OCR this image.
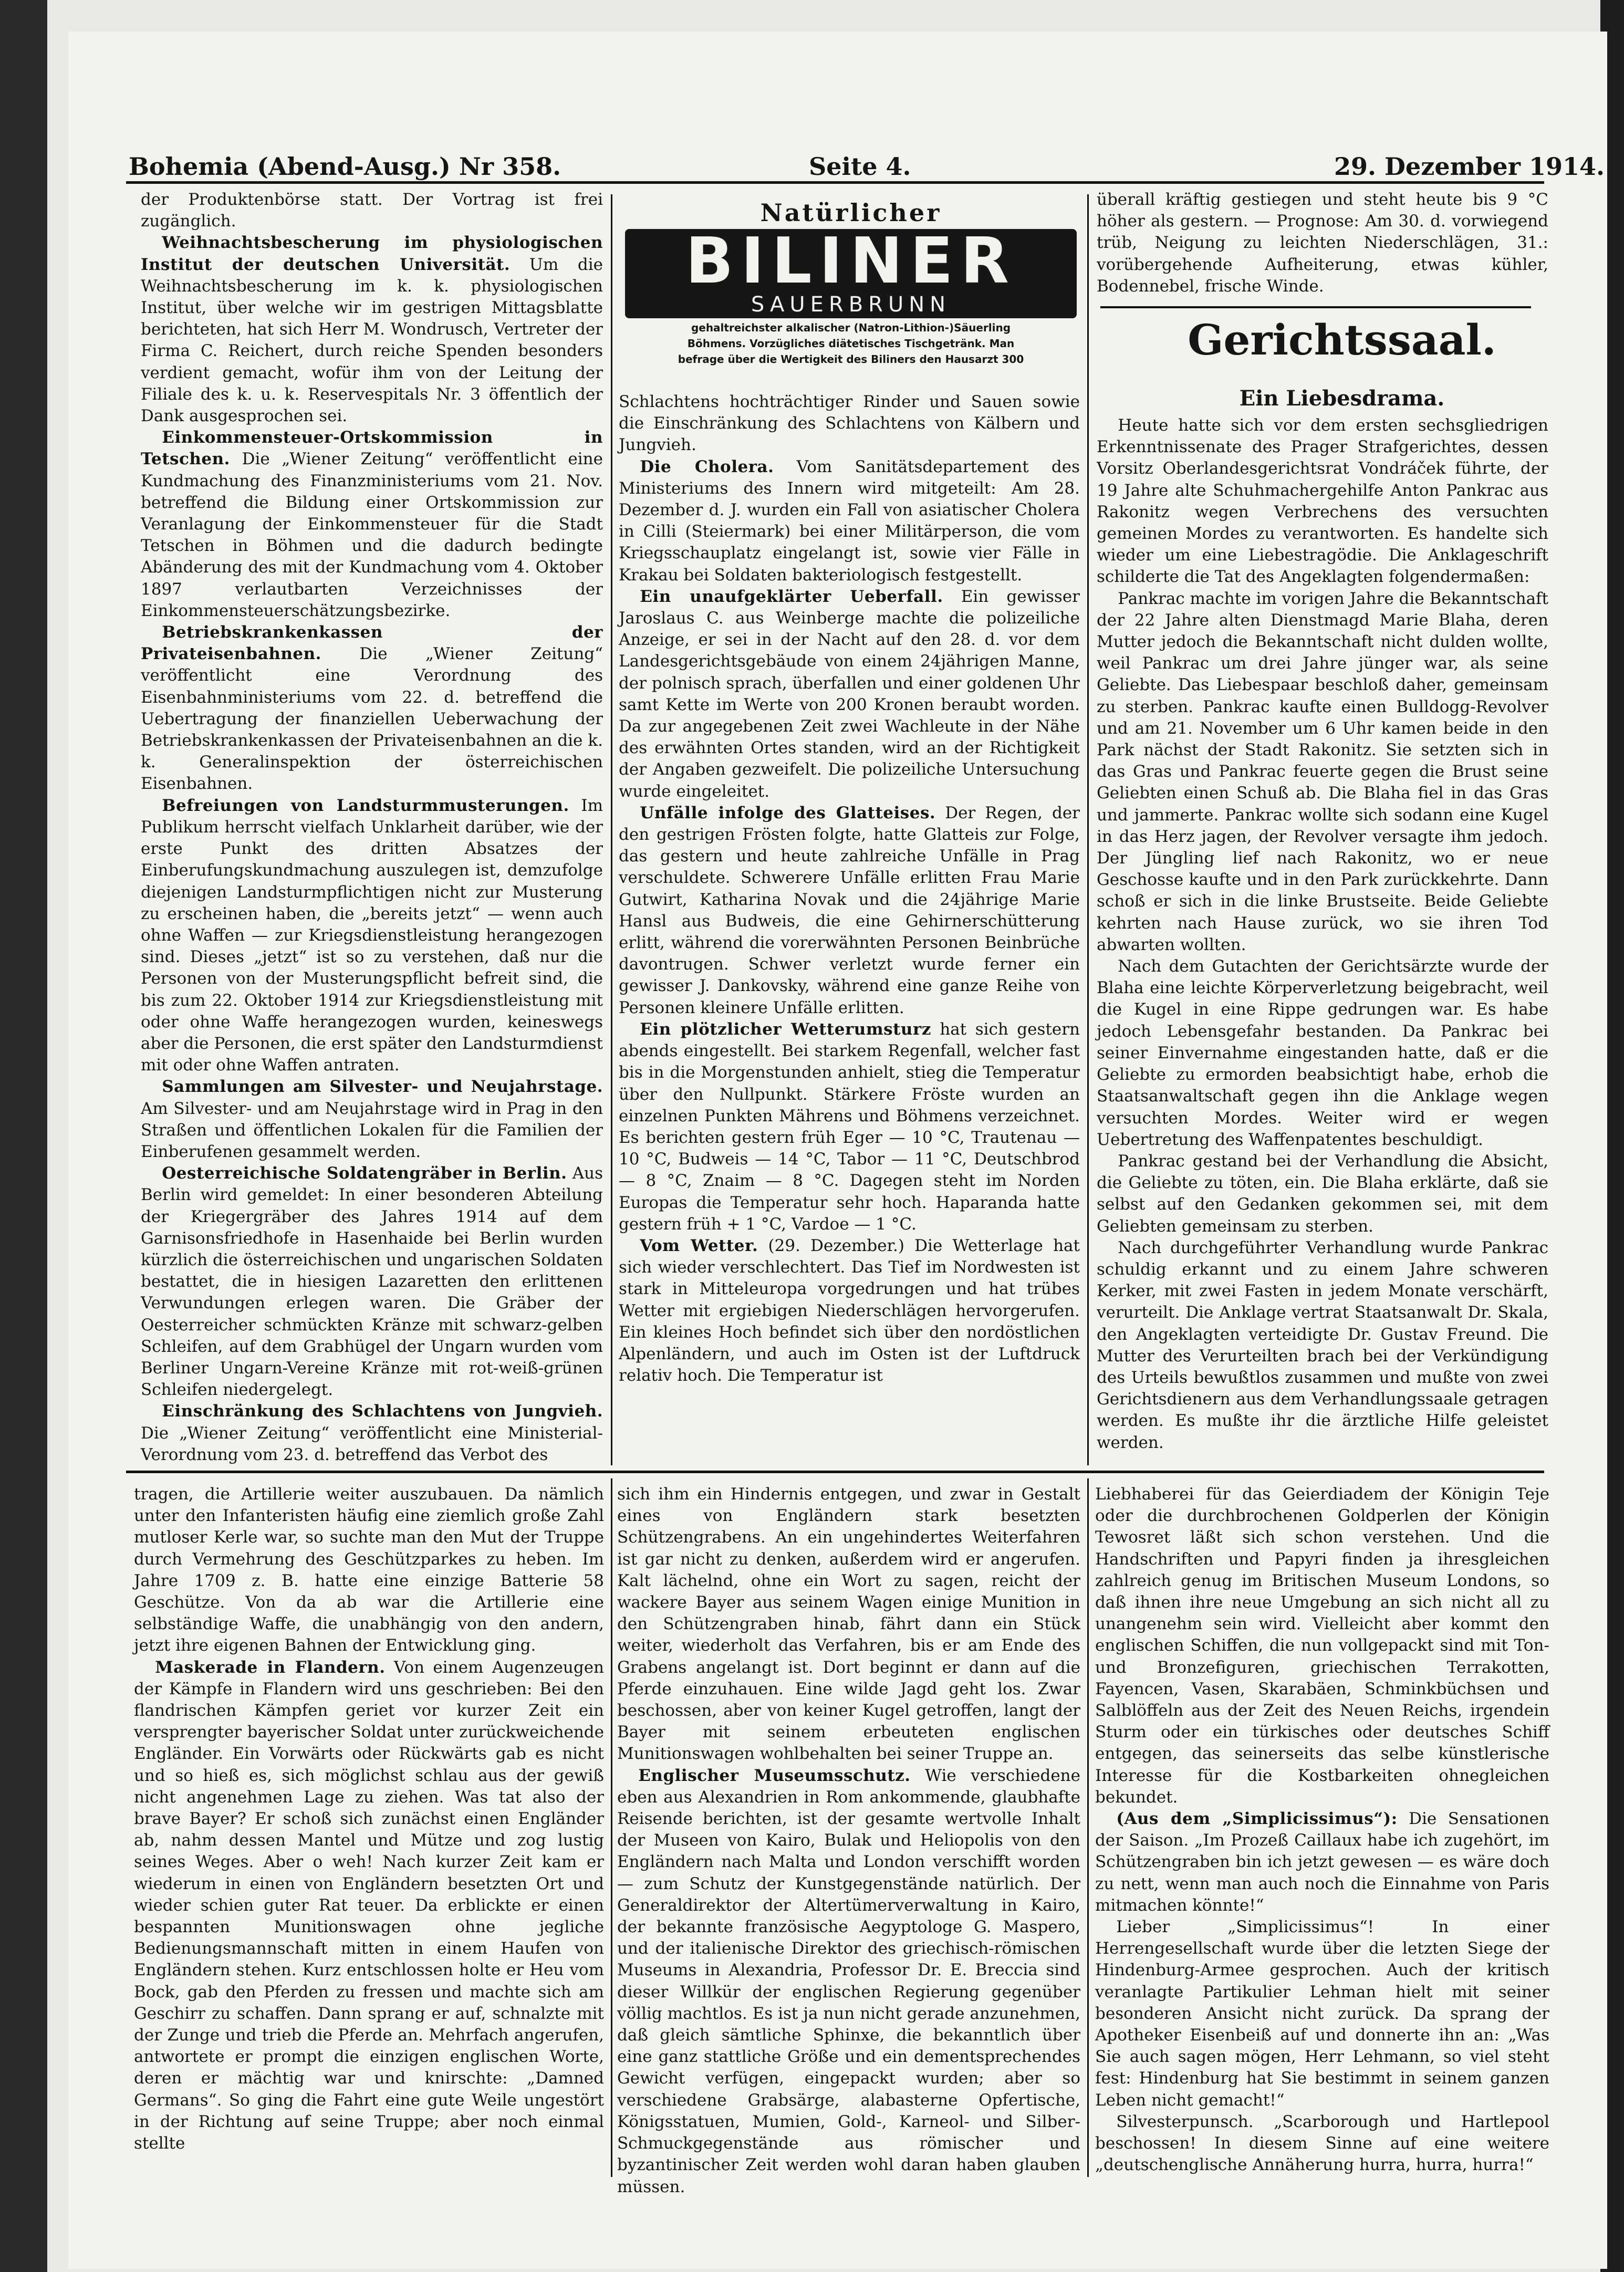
Bohemia (Abend-Ausg.) Nr 358.	Seite 4.	29. Dezember 1914.
Natürlicher
BILINER
SAUERBRUNN
gehaltreichster alkalischer (Natron-Lithion-)Säuerling
Böhmens. Vorzügliches diätetisches Tischgetränk. Man
befrage über die Wertigkeit des Biliners den Hausarzt 300	Gerichtssaal.
Ein Liebesdrama.

der Produktenbörse statt. Der Vortrag ist frei zugänglich.

Weihnachtsbescherung im physiologischen Institut der deutschen Universität. Um die Weihnachtsbescherung im k. k. physiologischen Institut, über welche wir im gestrigen Mittagsblatte berichteten, hat sich Herr M. Wondrusch, Vertreter der Firma C. Reichert, durch reiche Spenden besonders verdient gemacht, wofür ihm von der Leitung der Filiale des k. u. k. Reservespitals Nr. 3 öffentlich der Dank ausgesprochen sei.

Einkommensteuer-Ortskommission in Tetschen. Die „Wiener Zeitung“ veröffentlicht eine Kundmachung des Finanzministeriums vom 21. Nov. betreffend die Bildung einer Ortskommission zur Veranlagung der Einkommensteuer für die Stadt Tetschen in Böhmen und die dadurch bedingte Abänderung des mit der Kundmachung vom 4. Oktober 1897 verlautbarten Verzeichnisses der Einkommensteuerschätzungsbezirke.

Betriebskrankenkassen der Privateisenbahnen. Die „Wiener Zeitung“ veröffentlicht eine Verordnung des Eisenbahnministeriums vom 22. d. betreffend die Uebertragung der finanziellen Ueberwachung der Betriebskrankenkassen der Privateisenbahnen an die k. k. Generalinspektion der österreichischen Eisenbahnen.

Befreiungen von Landsturmmusterungen. Im Publikum herrscht vielfach Unklarheit darüber, wie der erste Punkt des dritten Absatzes der Einberufungskundmachung auszulegen ist, demzufolge diejenigen Landsturmpflichtigen nicht zur Musterung zu erscheinen haben, die „bereits jetzt“ — wenn auch ohne Waffen — zur Kriegsdienstleistung herangezogen sind. Dieses „jetzt“ ist so zu verstehen, daß nur die Personen von der Musterungspflicht befreit sind, die bis zum 22. Oktober 1914 zur Kriegsdienstleistung mit oder ohne Waffe herangezogen wurden, keineswegs aber die Personen, die erst später den Landsturmdienst mit oder ohne Waffen antraten.

Sammlungen am Silvester- und Neujahrstage. Am Silvester- und am Neujahrstage wird in Prag in den Straßen und öffentlichen Lokalen für die Familien der Einberufenen gesammelt werden.

Oesterreichische Soldatengräber in Berlin. Aus Berlin wird gemeldet: In einer besonderen Abteilung der Kriegergräber des Jahres 1914 auf dem Garnisonsfriedhofe in Hasenhaide bei Berlin wurden kürzlich die österreichischen und ungarischen Soldaten bestattet, die in hiesigen Lazaretten den erlittenen Verwundungen erlegen waren. Die Gräber der Oesterreicher schmückten Kränze mit schwarz-gelben Schleifen, auf dem Grabhügel der Ungarn wurden vom Berliner Ungarn-Vereine Kränze mit rot-weiß-grünen Schleifen niedergelegt.

Einschränkung des Schlachtens von Jungvieh. Die „Wiener Zeitung“ veröffentlicht eine Ministerial-Verordnung vom 23. d. betreffend das Verbot des

Schlachtens hochträchtiger Rinder und Sauen sowie die Einschränkung des Schlachtens von Kälbern und Jungvieh.

Die Cholera. Vom Sanitätsdepartement des Ministeriums des Innern wird mitgeteilt: Am 28. Dezember d. J. wurden ein Fall von asiatischer Cholera in Cilli (Steiermark) bei einer Militärperson, die vom Kriegsschauplatz eingelangt ist, sowie vier Fälle in Krakau bei Soldaten bakteriologisch festgestellt.

Ein unaufgeklärter Ueberfall. Ein gewisser Jaroslaus C. aus Weinberge machte die polizeiliche Anzeige, er sei in der Nacht auf den 28. d. vor dem Landesgerichtsgebäude von einem 24jährigen Manne, der polnisch sprach, überfallen und einer goldenen Uhr samt Kette im Werte von 200 Kronen beraubt worden. Da zur angegebenen Zeit zwei Wachleute in der Nähe des erwähnten Ortes standen, wird an der Richtigkeit der Angaben gezweifelt. Die polizeiliche Untersuchung wurde eingeleitet.

Unfälle infolge des Glatteises. Der Regen, der den gestrigen Frösten folgte, hatte Glatteis zur Folge, das gestern und heute zahlreiche Unfälle in Prag verschuldete. Schwerere Unfälle erlitten Frau Marie Gutwirt, Katharina Novak und die 24jährige Marie Hansl aus Budweis, die eine Gehirnerschütterung erlitt, während die vorerwähnten Personen Beinbrüche davontrugen. Schwer verletzt wurde ferner ein gewisser J. Dankovsky, während eine ganze Reihe von Personen kleinere Unfälle erlitten.

Ein plötzlicher Wetterumsturz hat sich gestern abends eingestellt. Bei starkem Regenfall, welcher fast bis in die Morgenstunden anhielt, stieg die Temperatur über den Nullpunkt. Stärkere Fröste wurden an einzelnen Punkten Mährens und Böhmens verzeichnet. Es berichten gestern früh Eger — 10 °C, Trautenau — 10 °C, Budweis — 14 °C, Tabor — 11 °C, Deutschbrod — 8 °C, Znaim — 8 °C. Dagegen steht im Norden Europas die Temperatur sehr hoch. Haparanda hatte gestern früh + 1 °C, Vardoe — 1 °C.

Vom Wetter. (29. Dezember.) Die Wetterlage hat sich wieder verschlechtert. Das Tief im Nordwesten ist stark in Mitteleuropa vorgedrungen und hat trübes Wetter mit ergiebigen Niederschlägen hervorgerufen. Ein kleines Hoch befindet sich über den nordöstlichen Alpenländern, und auch im Osten ist der Luftdruck relativ hoch. Die Temperatur ist

überall kräftig gestiegen und steht heute bis 9 °C höher als gestern. — Prognose: Am 30. d. vorwiegend trüb, Neigung zu leichten Niederschlägen, 31.: vorübergehende Aufheiterung, etwas kühler, Bodennebel, frische Winde.

Heute hatte sich vor dem ersten sechsgliedrigen Erkenntnissenate des Prager Strafgerichtes, dessen Vorsitz Oberlandesgerichtsrat Vondráček führte, der 19 Jahre alte Schuhmachergehilfe Anton Pankrac aus Rakonitz wegen Verbrechens des versuchten gemeinen Mordes zu verantworten. Es handelte sich wieder um eine Liebestragödie. Die Anklageschrift schilderte die Tat des Angeklagten folgendermaßen:

Pankrac machte im vorigen Jahre die Bekanntschaft der 22 Jahre alten Dienstmagd Marie Blaha, deren Mutter jedoch die Bekanntschaft nicht dulden wollte, weil Pankrac um drei Jahre jünger war, als seine Geliebte. Das Liebespaar beschloß daher, gemeinsam zu sterben. Pankrac kaufte einen Bulldogg-Revolver und am 21. November um 6 Uhr kamen beide in den Park nächst der Stadt Rakonitz. Sie setzten sich in das Gras und Pankrac feuerte gegen die Brust seine Geliebten einen Schuß ab. Die Blaha fiel in das Gras und jammerte. Pankrac wollte sich sodann eine Kugel in das Herz jagen, der Revolver versagte ihm jedoch. Der Jüngling lief nach Rakonitz, wo er neue Geschosse kaufte und in den Park zurückkehrte. Dann schoß er sich in die linke Brustseite. Beide Geliebte kehrten nach Hause zurück, wo sie ihren Tod abwarten wollten.

Nach dem Gutachten der Gerichtsärzte wurde der Blaha eine leichte Körperverletzung beigebracht, weil die Kugel in eine Rippe gedrungen war. Es habe jedoch Lebensgefahr bestanden. Da Pankrac bei seiner Einvernahme eingestanden hatte, daß er die Geliebte zu ermorden beabsichtigt habe, erhob die Staatsanwaltschaft gegen ihn die Anklage wegen versuchten Mordes. Weiter wird er wegen Uebertretung des Waffenpatentes beschuldigt.

Pankrac gestand bei der Verhandlung die Absicht, die Geliebte zu töten, ein. Die Blaha erklärte, daß sie selbst auf den Gedanken gekommen sei, mit dem Geliebten gemeinsam zu sterben.

Nach durchgeführter Verhandlung wurde Pankrac schuldig erkannt und zu einem Jahre schweren Kerker, mit zwei Fasten in jedem Monate verschärft, verurteilt. Die Anklage vertrat Staatsanwalt Dr. Skala, den Angeklagten verteidigte Dr. Gustav Freund. Die Mutter des Verurteilten brach bei der Verkündigung des Urteils bewußtlos zusammen und mußte von zwei Gerichtsdienern aus dem Verhandlungssaale getragen werden. Es mußte ihr die ärztliche Hilfe geleistet werden.

tragen, die Artillerie weiter auszubauen. Da nämlich unter den Infanteristen häufig eine ziemlich große Zahl mutloser Kerle war, so suchte man den Mut der Truppe durch Vermehrung des Geschützparkes zu heben. Im Jahre 1709 z. B. hatte eine einzige Batterie 58 Geschütze. Von da ab war die Artillerie eine selbständige Waffe, die unabhängig von den andern, jetzt ihre eigenen Bahnen der Entwicklung ging.

Maskerade in Flandern. Von einem Augenzeugen der Kämpfe in Flandern wird uns geschrieben: Bei den flandrischen Kämpfen geriet vor kurzer Zeit ein versprengter bayerischer Soldat unter zurückweichende Engländer. Ein Vorwärts oder Rückwärts gab es nicht und so hieß es, sich möglichst schlau aus der gewiß nicht angenehmen Lage zu ziehen. Was tat also der brave Bayer? Er schoß sich zunächst einen Engländer ab, nahm dessen Mantel und Mütze und zog lustig seines Weges. Aber o weh! Nach kurzer Zeit kam er wiederum in einen von Engländern besetzten Ort und wieder schien guter Rat teuer. Da erblickte er einen bespannten Munitionswagen ohne jegliche Bedienungsmannschaft mitten in einem Haufen von Engländern stehen. Kurz entschlossen holte er Heu vom Bock, gab den Pferden zu fressen und machte sich am Geschirr zu schaffen. Dann sprang er auf, schnalzte mit der Zunge und trieb die Pferde an. Mehrfach angerufen, antwortete er prompt die einzigen englischen Worte, deren er mächtig war und knirschte: „Damned Germans“. So ging die Fahrt eine gute Weile ungestört in der Richtung auf seine Truppe; aber noch einmal stellte

sich ihm ein Hindernis entgegen, und zwar in Gestalt eines von Engländern stark besetzten Schützengrabens. An ein ungehindertes Weiterfahren ist gar nicht zu denken, außerdem wird er angerufen. Kalt lächelnd, ohne ein Wort zu sagen, reicht der wackere Bayer aus seinem Wagen einige Munition in den Schützengraben hinab, fährt dann ein Stück weiter, wiederholt das Verfahren, bis er am Ende des Grabens angelangt ist. Dort beginnt er dann auf die Pferde einzuhauen. Eine wilde Jagd geht los. Zwar beschossen, aber von keiner Kugel getroffen, langt der Bayer mit seinem erbeuteten englischen Munitionswagen wohlbehalten bei seiner Truppe an.

Englischer Museumsschutz. Wie verschiedene eben aus Alexandrien in Rom ankommende, glaubhafte Reisende berichten, ist der gesamte wertvolle Inhalt der Museen von Kairo, Bulak und Heliopolis von den Engländern nach Malta und London verschifft worden — zum Schutz der Kunstgegenstände natürlich. Der Generaldirektor der Altertümerverwaltung in Kairo, der bekannte französische Aegyptologe G. Maspero, und der italienische Direktor des griechisch-römischen Museums in Alexandria, Professor Dr. E. Breccia sind dieser Willkür der englischen Regierung gegenüber völlig machtlos. Es ist ja nun nicht gerade anzunehmen, daß gleich sämtliche Sphinxe, die bekanntlich über eine ganz stattliche Größe und ein dementsprechendes Gewicht verfügen, eingepackt wurden; aber so verschiedene Grabsärge, alabasterne Opfertische, Königsstatuen, Mumien, Gold-, Karneol- und Silber-Schmuckgegenstände aus römischer und byzantinischer Zeit werden wohl daran haben glauben müssen.

Liebhaberei für das Geierdiadem der Königin Teje oder die durchbrochenen Goldperlen der Königin Tewosret läßt sich schon verstehen. Und die Handschriften und Papyri finden ja ihresgleichen zahlreich genug im Britischen Museum Londons, so daß ihnen ihre neue Umgebung an sich nicht all zu unangenehm sein wird. Vielleicht aber kommt den englischen Schiffen, die nun vollgepackt sind mit Ton- und Bronzefiguren, griechischen Terrakotten, Fayencen, Vasen, Skarabäen, Schminkbüchsen und Salblöffeln aus der Zeit des Neuen Reichs, irgendein Sturm oder ein türkisches oder deutsches Schiff entgegen, das seinerseits das selbe künstlerische Interesse für die Kostbarkeiten ohnegleichen bekundet.

(Aus dem „Simplicissimus“): Die Sensationen der Saison. „Im Prozeß Caillaux habe ich zugehört, im Schützengraben bin ich jetzt gewesen — es wäre doch zu nett, wenn man auch noch die Einnahme von Paris mitmachen könnte!“

Lieber „Simplicissimus“! In einer Herrengesellschaft wurde über die letzten Siege der Hindenburg-Armee gesprochen. Auch der kritisch veranlagte Partikulier Lehman hielt mit seiner besonderen Ansicht nicht zurück. Da sprang der Apotheker Eisenbeiß auf und donnerte ihn an: „Was Sie auch sagen mögen, Herr Lehmann, so viel steht fest: Hindenburg hat Sie bestimmt in seinem ganzen Leben nicht gemacht!“

Silvesterpunsch. „Scarborough und Hartlepool beschossen! In diesem Sinne auf eine weitere „deutschenglische Annäherung hurra, hurra, hurra!“
